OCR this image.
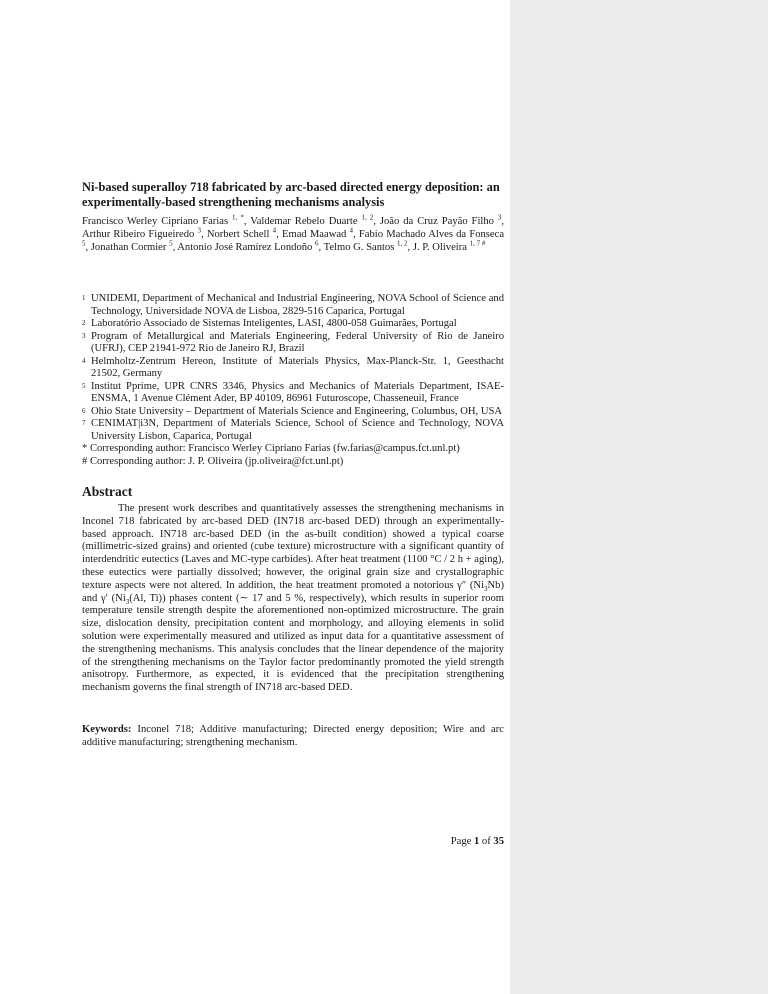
Ni-based superalloy 718 fabricated by arc-based directed energy deposition: an experimentally-based strengthening mechanisms analysis
Francisco Werley Cipriano Farias $^{1, *}$, Valdemar Rebelo Duarte $^{1, 2}$, João da Cruz Payão Filho $^3$, Arthur Ribeiro Figueiredo $^3$, Norbert Schell $^4$, Emad Maawad $^4$, Fabio Machado Alves da Fonseca $^5$, Jonathan Cormier $^5$, Antonio José Ramírez Londoño $^6$, Telmo G. Santos $^{1, 2}$, J. P. Oliveira $^{1, 7 \#}$
1 UNIDEMI, Department of Mechanical and Industrial Engineering, NOVA School of Science and Technology, Universidade NOVA de Lisboa, 2829-516 Caparica, Portugal
2 Laboratório Associado de Sistemas Inteligentes, LASI, 4800-058 Guimarães, Portugal
3 Program of Metallurgical and Materials Engineering, Federal University of Rio de Janeiro (UFRJ), CEP 21941-972 Rio de Janeiro RJ, Brazil
4 Helmholtz-Zentrum Hereon, Institute of Materials Physics, Max-Planck-Str. 1, Geesthacht 21502, Germany
5 Institut Pprime, UPR CNRS 3346, Physics and Mechanics of Materials Department, ISAE-ENSMA, 1 Avenue Clément Ader, BP 40109, 86961 Futuroscope, Chasseneuil, France
6 Ohio State University – Department of Materials Science and Engineering, Columbus, OH, USA
7 CENIMAT|i3N, Department of Materials Science, School of Science and Technology, NOVA University Lisbon, Caparica, Portugal
* Corresponding author: Francisco Werley Cipriano Farias (fw.farias@campus.fct.unl.pt)
# Corresponding author: J. P. Oliveira (jp.oliveira@fct.unl.pt)
Abstract
The present work describes and quantitatively assesses the strengthening mechanisms in Inconel 718 fabricated by arc-based DED (IN718 arc-based DED) through an experimentally-based approach. IN718 arc-based DED (in the as-built condition) showed a typical coarse (millimetric-sized grains) and oriented (cube texture) microstructure with a significant quantity of interdendritic eutectics (Laves and MC-type carbides). After heat treatment (1100 °C / 2 h + aging), these eutectics were partially dissolved; however, the original grain size and crystallographic texture aspects were not altered. In addition, the heat treatment promoted a notorious γ″ $(Ni_3Nb)$ and γ′ ($Ni_3(Al$, Ti)) phases content (∼ 17 and 5 %, respectively), which results in superior room temperature tensile strength despite the aforementioned non-optimized microstructure. The grain size, dislocation density, precipitation content and morphology, and alloying elements in solid solution were experimentally measured and utilized as input data for a quantitative assessment of the strengthening mechanisms. This analysis concludes that the linear dependence of the majority of the strengthening mechanisms on the Taylor factor predominantly promoted the yield strength anisotropy. Furthermore, as expected, it is evidenced that the precipitation strengthening mechanism governs the final strength of IN718 arc-based DED.
Keywords: Inconel 718; Additive manufacturing; Directed energy deposition; Wire and arc additive manufacturing; strengthening mechanism.
Page 1 of 35
